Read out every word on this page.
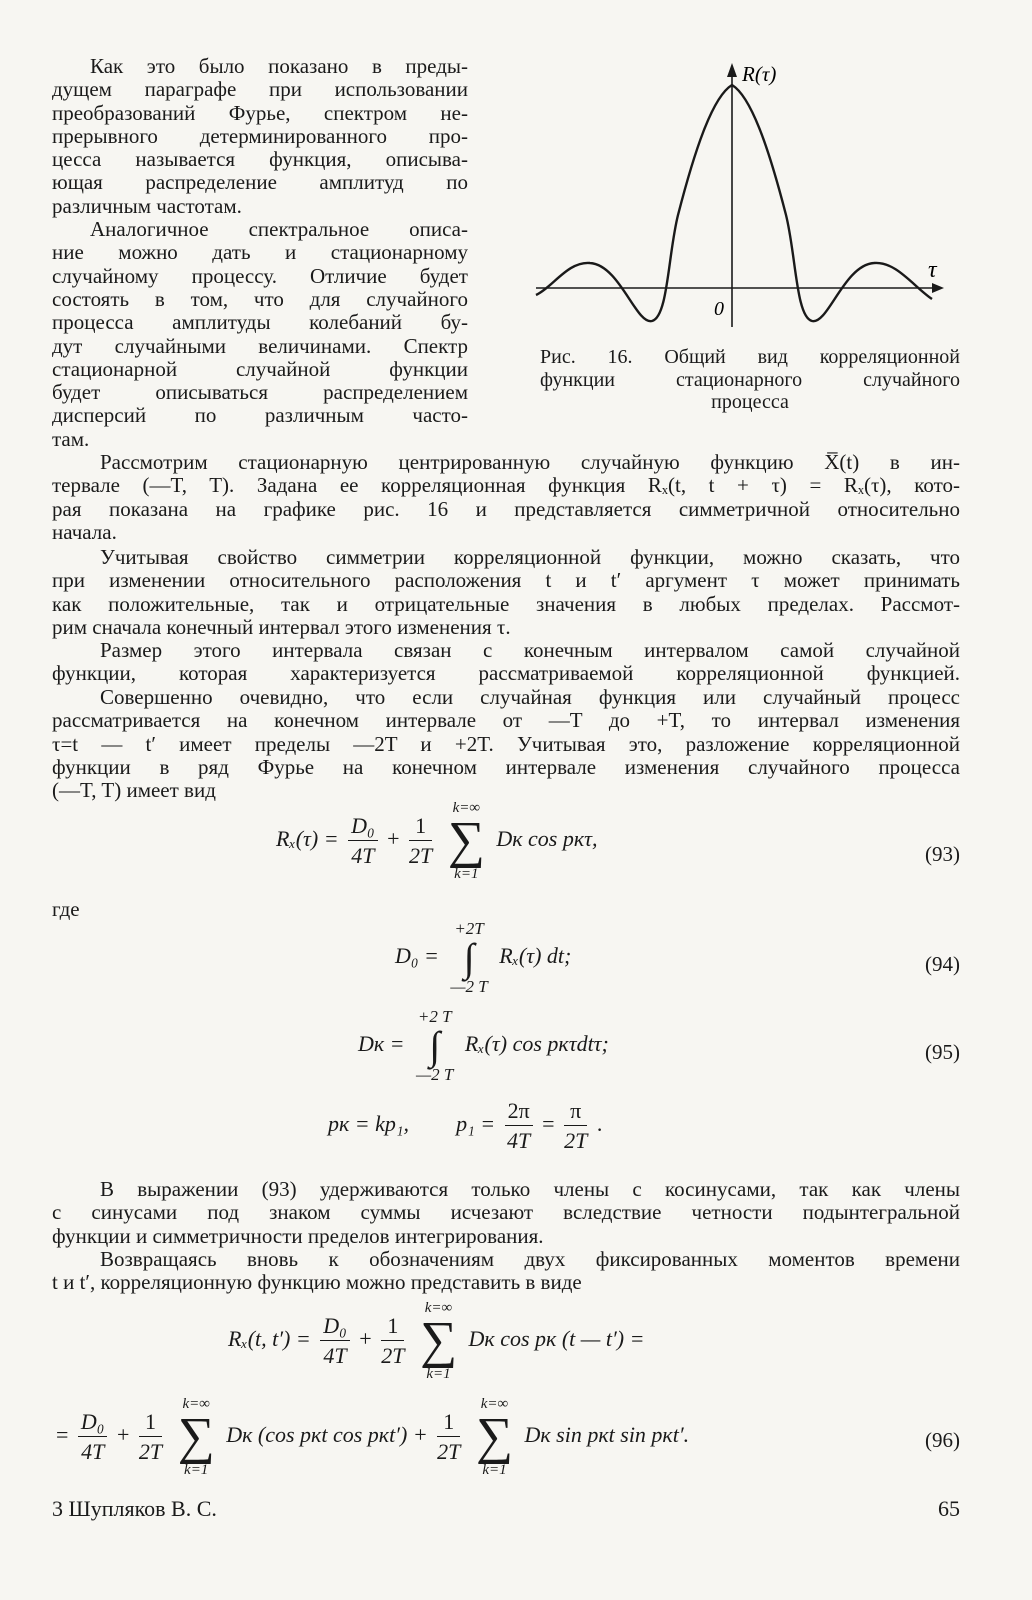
Как это было показано в преды-

дущем параграфе при использовании

преобразований Фурье, спектром не-

прерывного детерминированного про-

цесса называется функция, описыва-

ющая распределение амплитуд по

различным частотам.

Аналогичное спектральное описа-

ние можно дать и стационарному

случайному процессу. Отличие будет

состоять в том, что для случайного

процесса амплитуды колебаний бу-

дут случайными величинами. Спектр

стационарной случайной функции

будет описываться распределением

дисперсий по различным часто-

там.

R(τ)
τ
0
Рис. 16. Общий вид корреляционной
функции стационарного случайного
процесса

Рассмотрим стационарную центрированную случайную функцию X̅(t) в ин-

тервале (—T, T). Задана ее корреляционная функция Rₓ(t, t + τ) = Rₓ(τ), кото-

рая показана на графике рис. 16 и представляется симметричной относительно

начала.

Учитывая свойство симметрии корреляционной функции, можно сказать, что

при изменении относительного расположения t и t′ аргумент τ может принимать

как положительные, так и отрицательные значения в любых пределах. Рассмот-

рим сначала конечный интервал этого изменения τ.

Размер этого интервала связан с конечным интервалом самой случайной

функции, которая характеризуется рассматриваемой корреляционной функцией.

Совершенно очевидно, что если случайная функция или случайный процесс

рассматривается на конечном интервале от —T до +T, то интервал изменения

τ=t — t′ имеет пределы —2T и +2T. Учитывая это, разложение корреляционной

функции в ряд Фурье на конечном интервале изменения случайного процесса

(—T, T) имеет вид

$R_x(\tau) = \frac{\text{D₀}}{4T} + \frac{1}{2T}$

k=∞
∑
k=1
Dк cos pкτ,
(93)
где
D₀ =
+2T
∫
—2 T
Rₓ(τ) dt;	(94)
Dк =
+2 T
∫
—2 T
Rₓ(τ) cos pкτdtτ;	(95)
pк = kp₁, $p_1 = \frac{2\pi}{4T} = \frac{\pi}{2T}$ .

В выражении (93) удерживаются только члены с косинусами, так как члены

с синусами под знаком суммы исчезают вследствие четности подынтегральной

функции и симметричности пределов интегрирования.

Возвращаясь вновь к обозначениям двух фиксированных моментов времени

t и t′, корреляционную функцию можно представить в виде

Rₓ(t, $t') = \frac{\text{D₀}}{4T} + \frac{1}{2T}$

k=∞
∑
k=1
Dк cos pк (t — t′) =
= $\frac{\text{D₀}}{4T} + \frac{1}{2T}$

k=∞
∑
k=1
Dк (cos pкt $\cos pкt') + \frac{1}{2T}$

k=∞
∑
k=1
Dк sin pкt sin pкt′.	(96)
3 Шупляков В. С.	65
